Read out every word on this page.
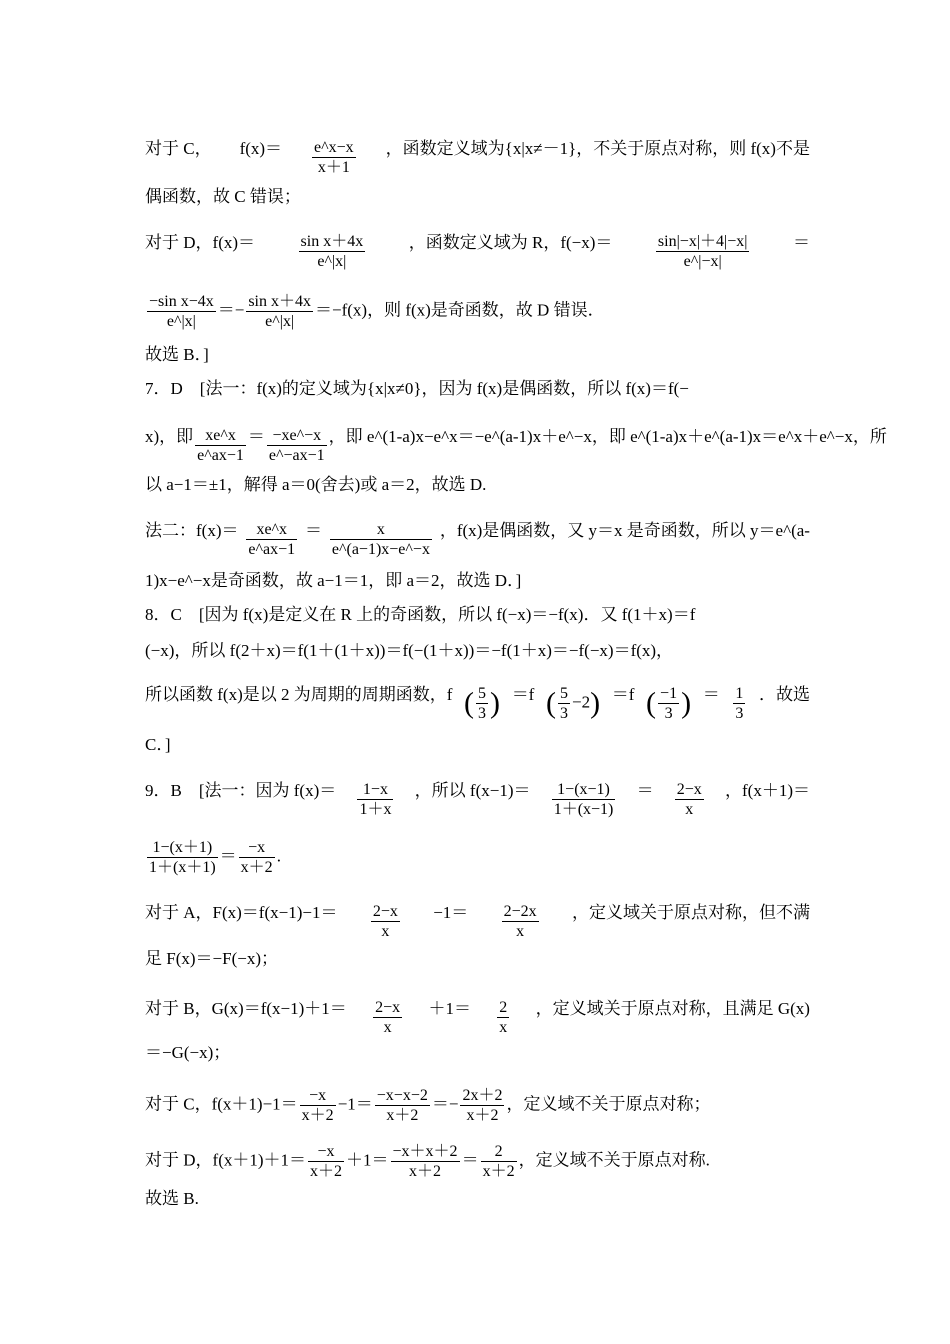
对于 C， $f(x)= \frac{e\^{}x-x}{x+1}$ ，函数定义域为{x|x≠－1}，不关于原点对称，则 f(x)不是
偶函数，故 C 错误；
对于 D，f(x)＝	$\frac{\text{sin x＋4x}}{e\^{}|x|}$	，函数定义域为 R，f(−x)＝	$\frac{\sin|-x|+4|-x|}{e\^{}|-x|}$	＝
$\frac{\text{−sin x−4x}}{e\^{}|x|} =- \frac{\text{sin x＋4x}}{e\^{}|x|} =-f(x)$，则 f(x)是奇函数，故 D 错误．
故选 B．]
7．D　[法一：f(x)的定义域为{x|x≠0}，因为 f(x)是偶函数，所以 f(x)＝f(−
x)，即 $\frac{xe\^{}x}{e\^{}ax-1} = \frac{-xe\^{}-x}{e\^{}-ax-1}$ ，即 e^(1-a)x−e^x＝−e^(a-1)x＋e^−x，即 e^(1-a)x＋e^(a-1)x＝e^x＋e^−x，所
以 a−1＝±1，解得 a＝0(舍去)或 a＝2，故选 D.
法二：$f(x)= \frac{xe\^{}x}{e\^{}ax-1} = \frac{x}{e\^{}(a-1)x-e\^{}-x}$ ，f(x)是偶函数，又 y＝x 是奇函数，所以 y＝e^(a-
1)x−e^−x是奇函数，故 a−1＝1，即 a＝2，故选 D．]
8．C　[因为 f(x)是定义在 R 上的奇函数，所以 f(−x)＝−f(x)．又 f(1＋x)＝f
(−x)，所以 f(2＋x)＝f(1＋(1＋x))＝f(−(1＋x))＝−f(1＋x)＝−f(−x)＝f(x)，
所以函数 f(x)是以 2 为周期的周期函数，f ( $\frac{5}{3}$ ) ＝f ( $\frac{5}{3} -2) =f$ ( $\frac{-1}{3}$ ) ＝ $\frac{1}{3}$ ．故选
C．]
9．B　[法一：因为 $f(x)= \frac{1-x}{1+x}$ ，所以 $f(x-1)= \frac{1-(x-1)}{1+(x-1)} = \frac{2-x}{x}$ ，f(x＋1)＝
$\frac{1-(x+1)}{1+(x+1)} = \frac{-x}{x+2}$ .
对于 A，$F(x)=f(x-1)-1= \frac{2-x}{x} -1= \frac{2-2x}{x}$ ，定义域关于原点对称，但不满
足 F(x)＝−F(−x)；
对于 B，$G(x)=f(x-1)+1= \frac{2-x}{x} +1= \frac{2}{x}$ ，定义域关于原点对称，且满足 G(x)
＝−G(−x)；
对于 C，$f(x+1)-1= \frac{-x}{x+2} -1= \frac{-x-x-2}{x+2} =- \frac{2x+2}{x+2}$ ，定义域不关于原点对称；
对于 D，$f(x+1)+1= \frac{-x}{x+2} +1= \frac{-x+x+2}{x+2} = \frac{2}{x+2}$ ，定义域不关于原点对称.
故选 B.
